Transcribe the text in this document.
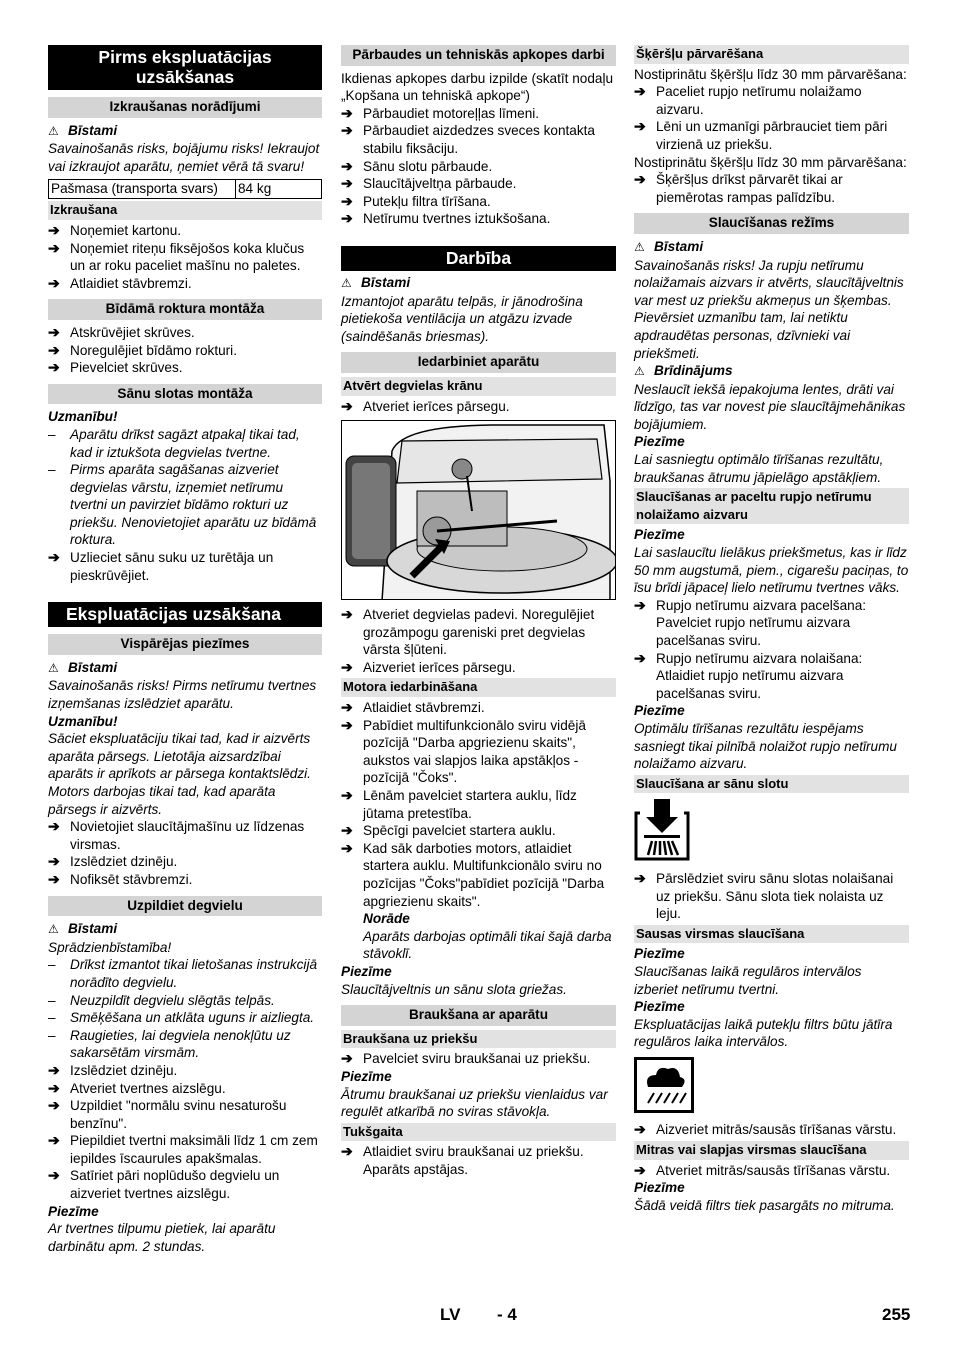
Pirms ekspluatācijas uzsākšanas
Izkraušanas norādījumi
⚠ Bīstami
Savainošanās risks, bojājumu risks! Iekraujot vai izkraujot aparātu, ņemiet vērā tā svaru!
Pašmasa (transporta svars)	84 kg
Izkraušana
➔ Noņemiet kartonu.
➔ Noņemiet riteņu fiksējošos koka klučus un ar roku paceliet mašīnu no paletes.
➔ Atlaidiet stāvbremzi.
Bīdāmā roktura montāža
➔ Atskrūvējiet skrūves.
➔ Noregulējiet bīdāmo rokturi.
➔ Pievelciet skrūves.
Sānu slotas montāža
Uzmanību!
– Aparātu drīkst sagāzt atpakaļ tikai tad, kad ir iztukšota degvielas tvertne.
– Pirms aparāta sagāšanas aizveriet degvielas vārstu, izņemiet netīrumu tvertni un pavirziet bīdāmo rokturi uz priekšu. Nenovietojiet aparātu uz bīdāmā roktura.
➔ Uzlieciet sānu suku uz turētāja un pieskrūvējiet.
Ekspluatācijas uzsākšana
Vispārējas piezīmes
⚠ Bīstami
Savainošanās risks! Pirms netīrumu tvertnes izņemšanas izslēdziet aparātu.
Uzmanību!
Sāciet ekspluatāciju tikai tad, kad ir aizvērts aparāta pārsegs. Lietotāja aizsardzībai aparāts ir aprīkots ar pārsega kontaktslēdzi. Motors darbojas tikai tad, kad aparāta pārsegs ir aizvērts.
➔ Novietojiet slaucītājmašīnu uz līdzenas virsmas.
➔ Izslēdziet dzinēju.
➔ Nofiksēt stāvbremzi.
Uzpildiet degvielu
⚠ Bīstami
Sprādzienbīstamība!
– Drīkst izmantot tikai lietošanas instrukcijā norādīto degvielu.
– Neuzpildīt degvielu slēgtās telpās.
– Smēķēšana un atklāta uguns ir aizliegta.
– Raugieties, lai degviela nenokļūtu uz sakarsētām virsmām.
➔ Izslēdziet dzinēju.
➔ Atveriet tvertnes aizslēgu.
➔ Uzpildiet "normālu svinu nesaturošu benzīnu".
➔ Piepildiet tvertni maksimāli līdz 1 cm zem iepildes īscaurules apakšmalas.
➔ Satīriet pāri noplūdušo degvielu un aizveriet tvertnes aizslēgu.
Piezīme
Ar tvertnes tilpumu pietiek, lai aparātu darbinātu apm. 2 stundas.
Pārbaudes un tehniskās apkopes darbi
Ikdienas apkopes darbu izpilde (skatīt nodaļu „Kopšana un tehniskā apkope“)
➔ Pārbaudiet motoreļļas līmeni.
➔ Pārbaudiet aizdedzes sveces kontakta stabilu fiksāciju.
➔ Sānu slotu pārbaude.
➔ Slaucītājveltņa pārbaude.
➔ Putekļu filtra tīrīšana.
➔ Netīrumu tvertnes iztukšošana.
Darbība
⚠ Bīstami
Izmantojot aparātu telpās, ir jānodrošina pietiekoša ventilācija un atgāzu izvade (saindēšanās briesmas).
Iedarbiniet aparātu
Atvērt degvielas krānu
➔ Atveriet ierīces pārsegu.
➔ Atveriet degvielas padevi. Noregulējiet grozāmpogu gareniski pret degvielas vārsta šļūteni.
➔ Aizveriet ierīces pārsegu.
Motora iedarbināšana
➔ Atlaidiet stāvbremzi.
➔ Pabīdiet multifunkcionālo sviru vidējā pozīcijā "Darba apgriezienu skaits", aukstos vai slapjos laika apstākļos - pozīcijā "Čoks".
➔ Lēnām pavelciet startera auklu, līdz jūtama pretestība.
➔ Spēcīgi pavelciet startera auklu.
➔ Kad sāk darboties motors, atlaidiet startera auklu. Multifunkcionālo sviru no pozīcijas "Čoks"pabīdiet pozīcijā "Darba apgriezienu skaits".
Norāde
Aparāts darbojas optimāli tikai šajā darba stāvoklī.
Piezīme
Slaucītājveltnis un sānu slota griežas.
Braukšana ar aparātu
Braukšana uz priekšu
➔ Pavelciet sviru braukšanai uz priekšu.
Piezīme
Ātrumu braukšanai uz priekšu vienlaidus var regulēt atkarībā no sviras stāvokļa.
Tukšgaita
➔ Atlaidiet sviru braukšanai uz priekšu. Aparāts apstājas.
Šķēršļu pārvarēšana
Nostiprinātu šķēršļu līdz 30 mm pārvarēšana:
➔ Paceliet rupjo netīrumu nolaižamo aizvaru.
➔ Lēni un uzmanīgi pārbrauciet tiem pāri virzienā uz priekšu.
Nostiprinātu šķēršļu līdz 30 mm pārvarēšana:
➔ Šķēršļus drīkst pārvarēt tikai ar piemērotas rampas palīdzību.
Slaucīšanas režīms
⚠ Bīstami
Savainošanās risks! Ja rupju netīrumu nolaižamais aizvars ir atvērts, slaucītājveltnis var mest uz priekšu akmeņus un šķembas. Pievērsiet uzmanību tam, lai netiktu apdraudētas personas, dzīvnieki vai priekšmeti.
⚠ Brīdinājums
Neslaucīt iekšā iepakojuma lentes, drāti vai līdzīgo, tas var novest pie slaucītājmehānikas bojājumiem.
Piezīme
Lai sasniegtu optimālo tīrīšanas rezultātu, braukšanas ātrumu jāpielāgo apstākļiem.
Slaucīšanas ar paceltu rupjo netīrumu nolaižamo aizvaru
Piezīme
Lai saslaucītu lielākus priekšmetus, kas ir līdz 50 mm augstumā, piem., cigarešu paciņas, to īsu brīdi jāpaceļ lielo netīrumu tvertnes vāks.
➔ Rupjo netīrumu aizvara pacelšana: Pavelciet rupjo netīrumu aizvara pacelšanas sviru.
➔ Rupjo netīrumu aizvara nolaišana: Atlaidiet rupjo netīrumu aizvara pacelšanas sviru.
Piezīme
Optimālu tīrīšanas rezultātu iespējams sasniegt tikai pilnībā nolaižot rupjo netīrumu nolaižamo aizvaru.
Slaucīšana ar sānu slotu
➔ Pārslēdziet sviru sānu slotas nolaišanai uz priekšu. Sānu slota tiek nolaista uz leju.
Sausas virsmas slaucīšana
Piezīme
Slaucīšanas laikā regulāros intervālos izberiet netīrumu tvertni.
Piezīme
Ekspluatācijas laikā putekļu filtrs būtu jātīra regulāros laika intervālos.
➔ Aizveriet mitrās/sausās tīrīšanas vārstu.
Mitras vai slapjas virsmas slaucīšana
➔ Atveriet mitrās/sausās tīrīšanas vārstu.
Piezīme
Šādā veidā filtrs tiek pasargāts no mitruma.
LV - 4	255
